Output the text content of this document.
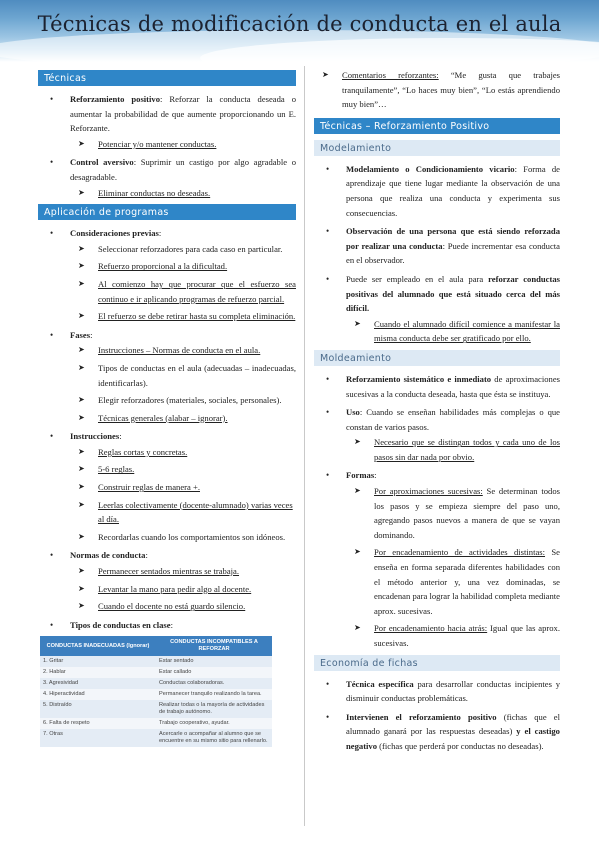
Técnicas de modificación de conducta en el aula
Técnicas
• Reforzamiento positivo: Reforzar la conducta deseada o aumentar la probabilidad de que aumente proporcionando un E. Reforzante.
➤ Potenciar y/o mantener conductas.
• Control aversivo: Suprimir un castigo por algo agradable o desagradable.
➤ Eliminar conductas no deseadas.
Aplicación de programas
• Consideraciones previas:
➤ Seleccionar reforzadores para cada caso en particular.
➤ Refuerzo proporcional a la dificultad.
➤ Al comienzo hay que procurar que el esfuerzo sea continuo e ir aplicando programas de refuerzo parcial.
➤ El refuerzo se debe retirar hasta su completa eliminación.
• Fases:
➤ Instrucciones – Normas de conducta en el aula.
➤ Tipos de conductas en el aula (adecuadas – inadecuadas, identificarlas).
➤ Elegir reforzadores (materiales, sociales, personales).
➤ Técnicas generales (alabar – ignorar).
• Instrucciones:
➤ Reglas cortas y concretas.
➤ 5-6 reglas.
➤ Construir reglas de manera +.
➤ Leerlas colectivamente (docente-alumnado) varias veces al día.
➤ Recordarlas cuando los comportamientos son idóneos.
• Normas de conducta:
➤ Permanecer sentados mientras se trabaja.
➤ Levantar la mano para pedir algo al docente.
➤ Cuando el docente no está guardo silencio.
• Tipos de conductas en clase:
CONDUCTAS INADECUADAS (Ignorar)	CONDUCTAS INCOMPATIBLES A REFORZAR
1. Gritar	Estar sentado
2. Hablar	Estar callado
3. Agresividad	Conductas colaboradoras.
4. Hiperactividad	Permanecer tranquilo realizando la tarea.
5. Distraído	Realizar todas o la mayoría de actividades de trabajo autónomo.
6. Falta de respeto	Trabajo cooperativo, ayudar.
7. Otras	Acercarle o acompañar al alumno que se encuentre en su mismo sitio para rellenarlo.
➤ Comentarios reforzantes: “Me gusta que trabajes tranquilamente”, “Lo haces muy bien”, “Lo estás aprendiendo muy bien”…
Técnicas – Reforzamiento Positivo
Modelamiento
• Modelamiento o Condicionamiento vicario: Forma de aprendizaje que tiene lugar mediante la observación de una persona que realiza una conducta y experimenta sus consecuencias.
• Observación de una persona que está siendo reforzada por realizar una conducta: Puede incrementar esa conducta en el observador.
• Puede ser empleado en el aula para reforzar conductas positivas del alumnado que está situado cerca del más difícil.
➤ Cuando el alumnado difícil comience a manifestar la misma conducta debe ser gratificado por ello.
Moldeamiento
• Reforzamiento sistemático e inmediato de aproximaciones sucesivas a la conducta deseada, hasta que ésta se instituya.
• Uso: Cuando se enseñan habilidades más complejas o que constan de varios pasos.
➤ Necesario que se distingan todos y cada uno de los pasos sin dar nada por obvio.
• Formas:
➤ Por aproximaciones sucesivas: Se determinan todos los pasos y se empieza siempre del paso uno, agregando pasos nuevos a manera de que se vayan dominando.
➤ Por encadenamiento de actividades distintas: Se enseña en forma separada diferentes habilidades con el método anterior y, una vez dominadas, se encadenan para lograr la habilidad completa mediante aprox. sucesivas.
➤ Por encadenamiento hacia atrás: Igual que las aprox. sucesivas.
Economía de fichas
• Técnica específica para desarrollar conductas incipientes y disminuir conductas problemáticas.
• Intervienen el reforzamiento positivo (fichas que el alumnado ganará por las respuestas deseadas) y el castigo negativo (fichas que perderá por conductas no deseadas).
